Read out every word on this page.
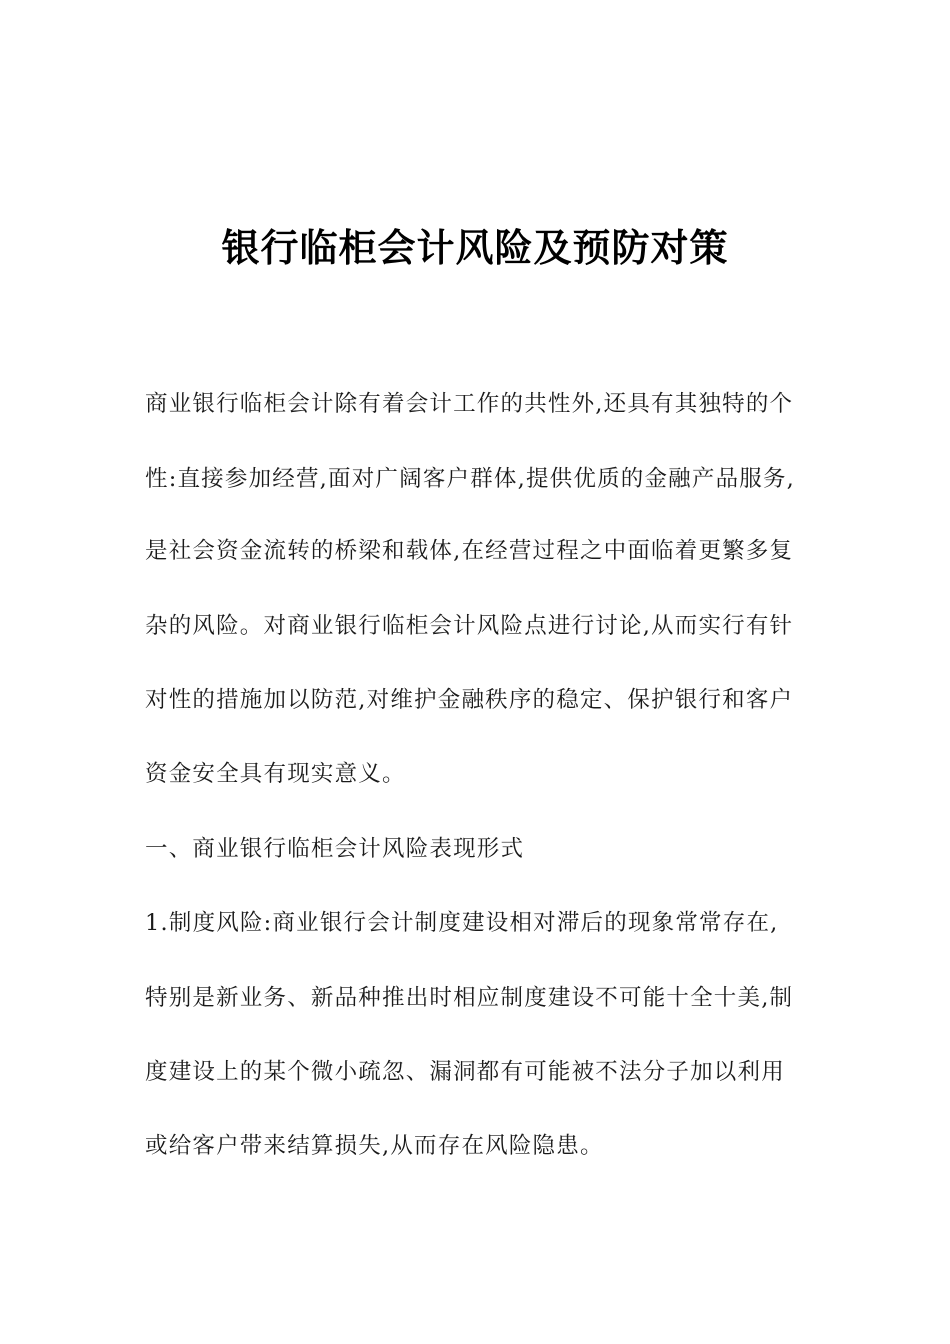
银行临柜会计风险及预防对策
商业银行临柜会计除有着会计工作的共性外,还具有其独特的个
性:直接参加经营,面对广阔客户群体,提供优质的金融产品服务,
是社会资金流转的桥梁和载体,在经营过程之中面临着更繁多复
杂的风险。对商业银行临柜会计风险点进行讨论,从而实行有针
对性的措施加以防范,对维护金融秩序的稳定、保护银行和客户
资金安全具有现实意义。
一、商业银行临柜会计风险表现形式
1.制度风险:商业银行会计制度建设相对滞后的现象常常存在,
特别是新业务、新品种推出时相应制度建设不可能十全十美,制
度建设上的某个微小疏忽、漏洞都有可能被不法分子加以利用
或给客户带来结算损失,从而存在风险隐患。
